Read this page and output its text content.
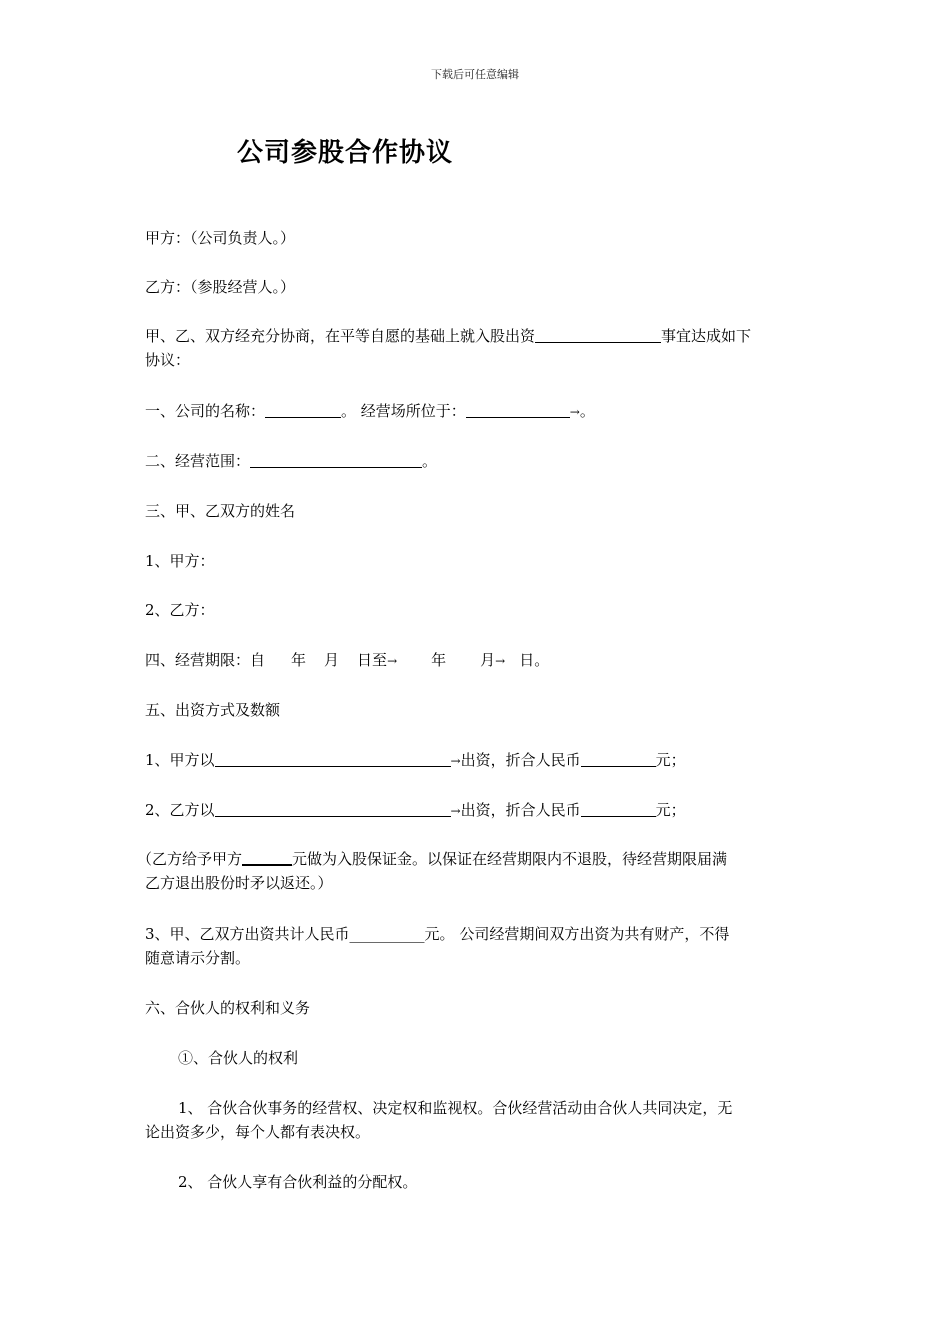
下载后可任意编辑
公司参股合作协议
甲方：（公司负责人。）
乙方：（参股经营人。）
甲、乙、双方经充分协商，在平等自愿的基础上就入股出资	事宜达成如下
协议：
一、公司的名称：	。 经营场所位于：	→。
二、经营范围：	。
三、甲、乙双方的姓名
1、甲方：
2、乙方：
四、经营期限：自 年 月 日至→ 年 月→ 日。
五、出资方式及数额
1、甲方以	→出资，折合人民币	元；
2、乙方以	→出资，折合人民币	元；
（乙方给予甲方	元做为入股保证金。以保证在经营期限内不退股，待经营期限届满
乙方退出股份时矛以返还。）
3、甲、乙双方出资共计人民币__________元。 公司经营期间双方出资为共有财产，不得
随意请示分割。
六、合伙人的权利和义务
①、合伙人的权利
1、 合伙合伙事务的经营权、决定权和监视权。合伙经营活动由合伙人共同决定，无
论出资多少，每个人都有表决权。
2、 合伙人享有合伙利益的分配权。
